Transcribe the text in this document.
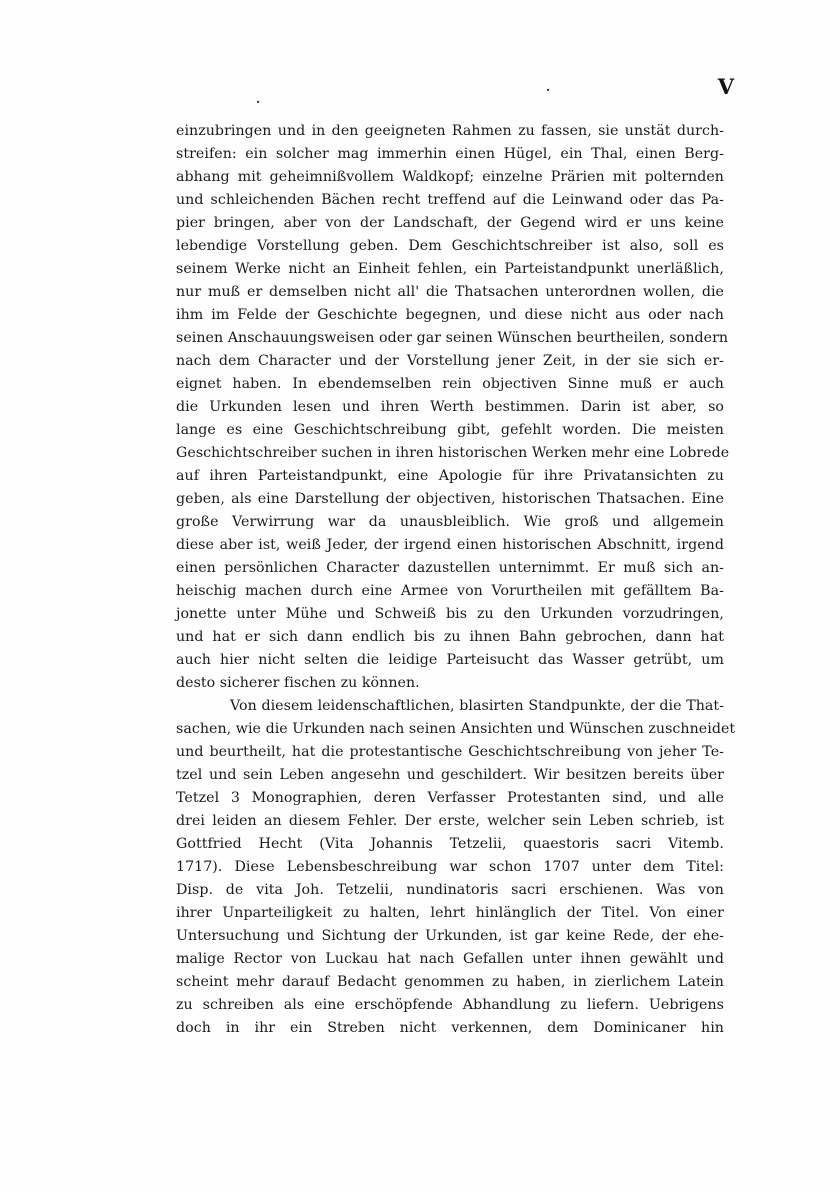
V
.
.
einzubringen und in den geeigneten Rahmen zu fassen, sie unstät durch-
streifen: ein solcher mag immerhin einen Hügel, ein Thal, einen Berg-
abhang mit geheimnißvollem Waldkopf; einzelne Prärien mit polternden
und schleichenden Bächen recht treffend auf die Leinwand oder das Pa-
pier bringen, aber von der Landschaft, der Gegend wird er uns keine
lebendige Vorstellung geben. Dem Geschichtschreiber ist also, soll es
seinem Werke nicht an Einheit fehlen, ein Parteistandpunkt unerläßlich,
nur muß er demselben nicht all' die Thatsachen unterordnen wollen, die
ihm im Felde der Geschichte begegnen, und diese nicht aus oder nach
seinen Anschauungsweisen oder gar seinen Wünschen beurtheilen, sondern
nach dem Character und der Vorstellung jener Zeit, in der sie sich er-
eignet haben. In ebendemselben rein objectiven Sinne muß er auch
die Urkunden lesen und ihren Werth bestimmen. Darin ist aber, so
lange es eine Geschichtschreibung gibt, gefehlt worden. Die meisten
Geschichtschreiber suchen in ihren historischen Werken mehr eine Lobrede
auf ihren Parteistandpunkt, eine Apologie für ihre Privatansichten zu
geben, als eine Darstellung der objectiven, historischen Thatsachen. Eine
große Verwirrung war da unausbleiblich. Wie groß und allgemein
diese aber ist, weiß Jeder, der irgend einen historischen Abschnitt, irgend
einen persönlichen Character dazustellen unternimmt. Er muß sich an-
heischig machen durch eine Armee von Vorurtheilen mit gefälltem Ba-
jonette unter Mühe und Schweiß bis zu den Urkunden vorzudringen,
und hat er sich dann endlich bis zu ihnen Bahn gebrochen, dann hat
auch hier nicht selten die leidige Parteisucht das Wasser getrübt, um
desto sicherer fischen zu können.
Von diesem leidenschaftlichen, blasirten Standpunkte, der die That-
sachen, wie die Urkunden nach seinen Ansichten und Wünschen zuschneidet
und beurtheilt, hat die protestantische Geschichtschreibung von jeher Te-
tzel und sein Leben angesehn und geschildert. Wir besitzen bereits über
Tetzel 3 Monographien, deren Verfasser Protestanten sind, und alle
drei leiden an diesem Fehler. Der erste, welcher sein Leben schrieb, ist
Gottfried Hecht (Vita Johannis Tetzelii, quaestoris sacri Vitemb.
1717). Diese Lebensbeschreibung war schon 1707 unter dem Titel:
Disp. de vita Joh. Tetzelii, nundinatoris sacri erschienen. Was von
ihrer Unparteiligkeit zu halten, lehrt hinlänglich der Titel. Von einer
Untersuchung und Sichtung der Urkunden, ist gar keine Rede, der ehe-
malige Rector von Luckau hat nach Gefallen unter ihnen gewählt und
scheint mehr darauf Bedacht genommen zu haben, in zierlichem Latein
zu schreiben als eine erschöpfende Abhandlung zu liefern. Uebrigens
doch in ihr ein Streben nicht verkennen, dem Dominicaner hin
